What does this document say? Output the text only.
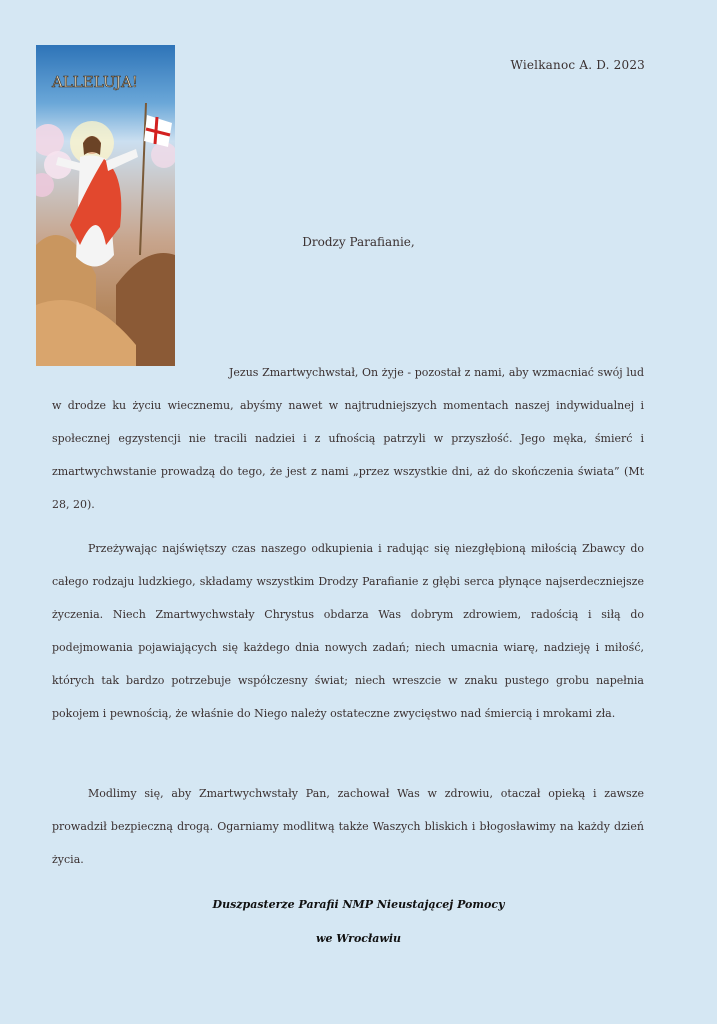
ALLELUJA!
Wielkanoc A. D. 2023
Drodzy Parafianie,
Jezus Zmartwychwstał, On żyje - pozostał z nami, aby wzmacniać swój lud w drodze ku życiu wiecznemu, abyśmy nawet w najtrudniejszych momentach naszej indywidualnej i społecznej egzystencji nie tracili nadziei i z ufnością patrzyli w przyszłość. Jego męka, śmierć i zmartwychwstanie prowadzą do tego, że jest z nami „przez wszystkie dni, aż do skończenia świata” (Mt 28, 20).
Przeżywając najświętszy czas naszego odkupienia i radując się niezgłębioną miłością Zbawcy do całego rodzaju ludzkiego, składamy wszystkim Drodzy Parafianie z głębi serca płynące najserdeczniejsze życzenia. Niech Zmartwychwstały Chrystus obdarza Was dobrym zdrowiem, radością i siłą do podejmowania pojawiających się każdego dnia nowych zadań; niech umacnia wiarę, nadzieję i miłość, których tak bardzo potrzebuje współczesny świat; niech wreszcie w znaku pustego grobu napełnia pokojem i pewnością, że właśnie do Niego należy ostateczne zwycięstwo nad śmiercią i mrokami zła.
Modlimy się, aby Zmartwychwstały Pan, zachował Was w zdrowiu, otaczał opieką i zawsze prowadził bezpieczną drogą. Ogarniamy modlitwą także Waszych bliskich i błogosławimy na każdy dzień życia.
Duszpasterze Parafii NMP Nieustającej Pomocy
we Wrocławiu
